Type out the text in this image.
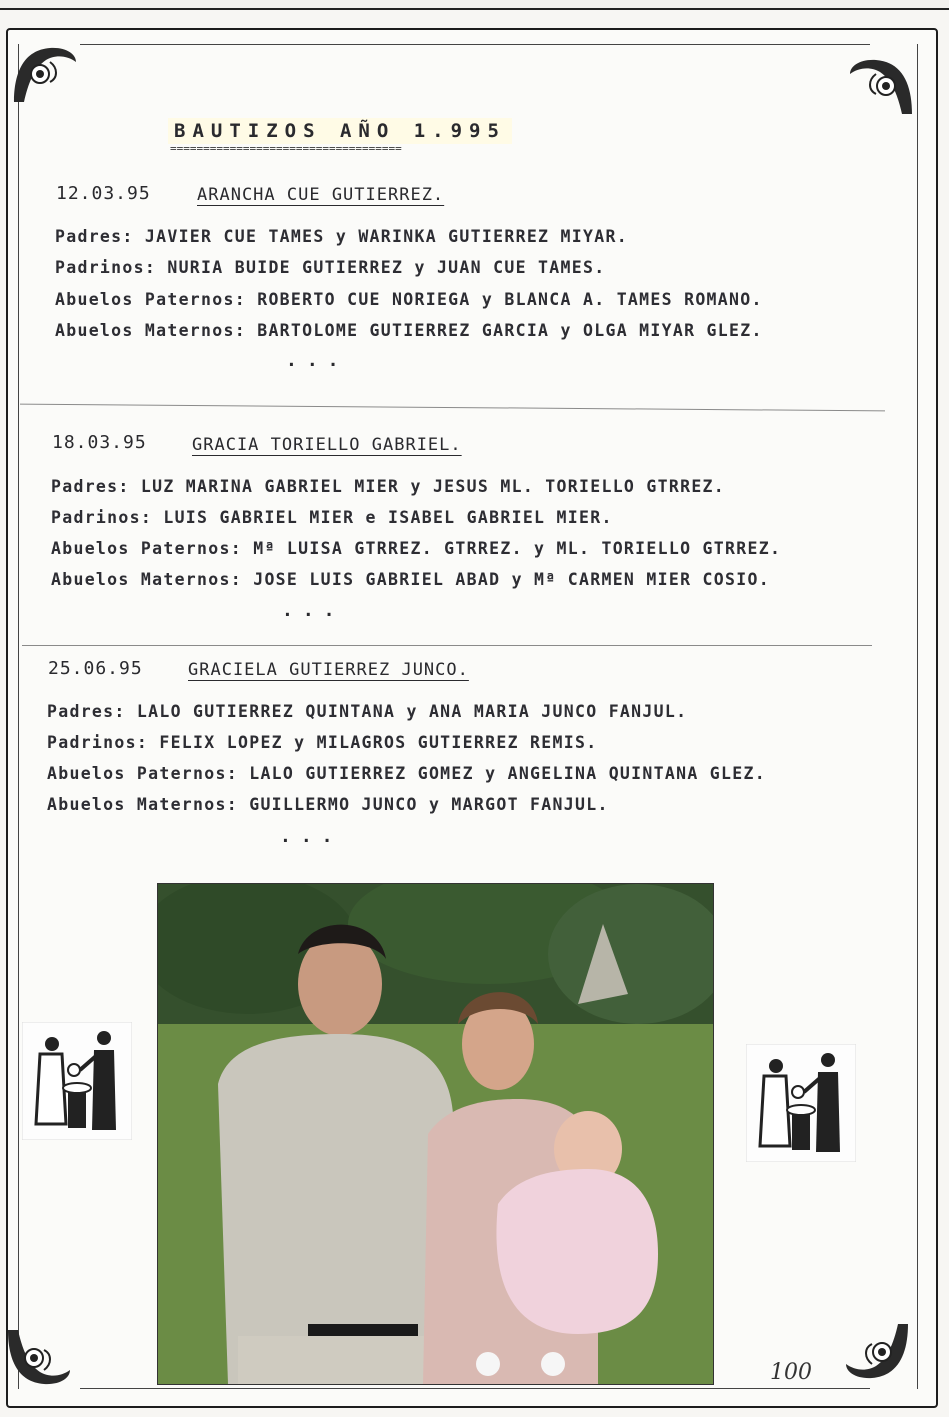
BAUTIZOS AÑO 1.995
===================================
12.03.95	ARANCHA CUE GUTIERREZ.
Padres: JAVIER CUE TAMES y WARINKA GUTIERREZ MIYAR.
Padrinos: NURIA BUIDE GUTIERREZ y JUAN CUE TAMES.
Abuelos Paternos: ROBERTO CUE NORIEGA y BLANCA A. TAMES ROMANO.
Abuelos Maternos: BARTOLOME GUTIERREZ GARCIA y OLGA MIYAR GLEZ.
...
18.03.95	GRACIA TORIELLO GABRIEL.
Padres: LUZ MARINA GABRIEL MIER y JESUS ML. TORIELLO GTRREZ.
Padrinos: LUIS GABRIEL MIER e ISABEL GABRIEL MIER.
Abuelos Paternos: Mª LUISA GTRREZ. GTRREZ. y ML. TORIELLO GTRREZ.
Abuelos Maternos: JOSE LUIS GABRIEL ABAD y Mª CARMEN MIER COSIO.
...
25.06.95	GRACIELA GUTIERREZ JUNCO.
Padres: LALO GUTIERREZ QUINTANA y ANA MARIA JUNCO FANJUL.
Padrinos: FELIX LOPEZ y MILAGROS GUTIERREZ REMIS.
Abuelos Paternos: LALO GUTIERREZ GOMEZ y ANGELINA QUINTANA GLEZ.
Abuelos Maternos: GUILLERMO JUNCO y MARGOT FANJUL.
...
100
